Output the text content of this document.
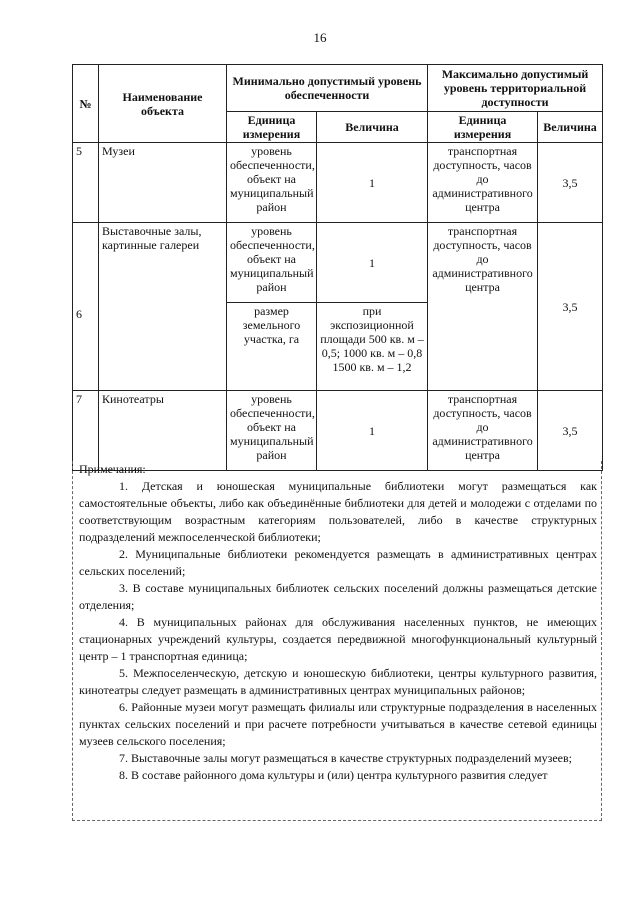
16
№	Наименование объекта	Минимально допустимый уровень обеспеченности		Максимально допустимый уровень территориальной доступности	
		Единица измерения	Величина	Единица измерения	Величина
5	Музеи	уровень обеспеченности, объект на муниципальный район	1	транспортная доступность, часов до административного центра	3,5
6	Выставочные залы, картинные галереи	уровень обеспеченности, объект на муниципальный район	1	транспортная доступность, часов до административного центра	3,5
		размер земельного участка, га	при экспозиционной площади 500 кв. м – 0,5; 1000 кв. м – 0,8 1500 кв. м – 1,2		
7	Кинотеатры	уровень обеспеченности, объект на муниципальный район	1	транспортная доступность, часов до административного центра	3,5

Примечания:

1. Детская и юношеская муниципальные библиотеки могут размещаться как самостоятельные объекты, либо как объединённые библиотеки для детей и молодежи с отделами по соответствующим возрастным категориям пользователей, либо в качестве структурных подразделений межпоселенческой библиотеки;

2. Муниципальные библиотеки рекомендуется размещать в административных центрах сельских поселений;

3. В составе муниципальных библиотек сельских поселений должны размещаться детские отделения;

4. В муниципальных районах для обслуживания населенных пунктов, не имеющих стационарных учреждений культуры, создается передвижной многофункциональный культурный центр – 1 транспортная единица;

5. Межпоселенческую, детскую и юношескую библиотеки, центры культурного развития, кинотеатры следует размещать в административных центрах муниципальных районов;

6. Районные музеи могут размещать филиалы или структурные подразделения в населенных пунктах сельских поселений и при расчете потребности учитываться в качестве сетевой единицы музеев сельского поселения;

7. Выставочные залы могут размещаться в качестве структурных подразделений музеев;

8. В составе районного дома культуры и (или) центра культурного развития следует
